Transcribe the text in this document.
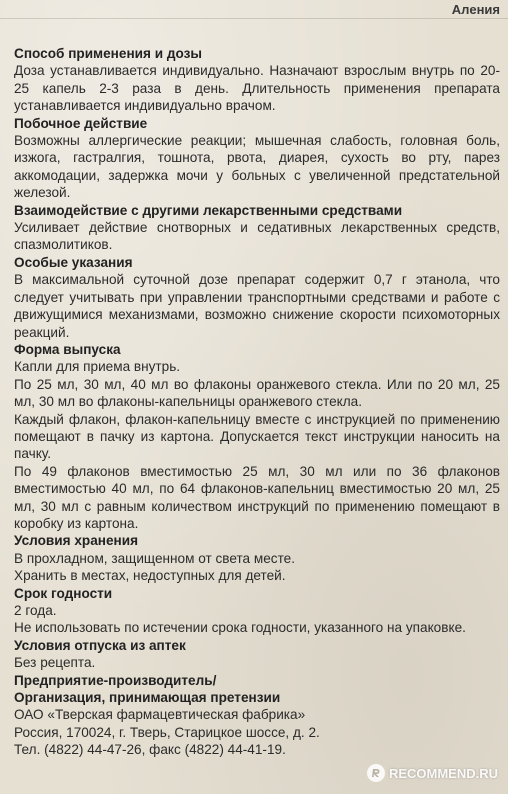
Алeния
Способ применения и дозы

Доза устанавливается индивидуально. Назначают взрослым внутрь по 20-25 капель 2-3 раза в день. Длительность применения препарата устанавливается индивидуально врачом.

Побочное действие

Возможны аллергические реакции; мышечная слабость, головная боль, изжога, гастралгия, тошнота, рвота, диарея, сухость во рту, парез аккомодации, задержка мочи у больных с увеличенной предстательной железой.

Взаимодействие с другими лекарственными средствами

Усиливает действие снотворных и седативных лекарственных средств, спазмолитиков.

Особые указания

В максимальной суточной дозе препарат содержит 0,7 г этанола, что следует учитывать при управлении транспортными средствами и работе с движущимися механизмами, возможно снижение скорости психомоторных реакций.

Форма выпуска

Капли для приема внутрь.

По 25 мл, 30 мл, 40 мл во флаконы оранжевого стекла. Или по 20 мл, 25 мл, 30 мл во флаконы-капельницы оранжевого стекла.

Каждый флакон, флакон-капельницу вместе с инструкцией по применению помещают в пачку из картона. Допускается текст инструкции наносить на пачку.

По 49 флаконов вместимостью 25 мл, 30 мл или по 36 флаконов вместимостью 40 мл, по 64 флаконов-капельниц вместимостью 20 мл, 25 мл, 30 мл с равным количеством инструкций по применению помещают в коробку из картона.

Условия хранения

В прохладном, защищенном от света месте.

Хранить в местах, недоступных для детей.

Срок годности

2 года.

Не использовать по истечении срока годности, указанного на упаковке.

Условия отпуска из аптек

Без рецепта.

Предприятие-производитель/
Организация, принимающая претензии

ОАО «Тверская фармацевтическая фабрика»

Россия, 170024, г. Тверь, Старицкое шоссе, д. 2.

Тел. (4822) 44-47-26, факс (4822) 44-41-19.

RECOMMEND.RU
